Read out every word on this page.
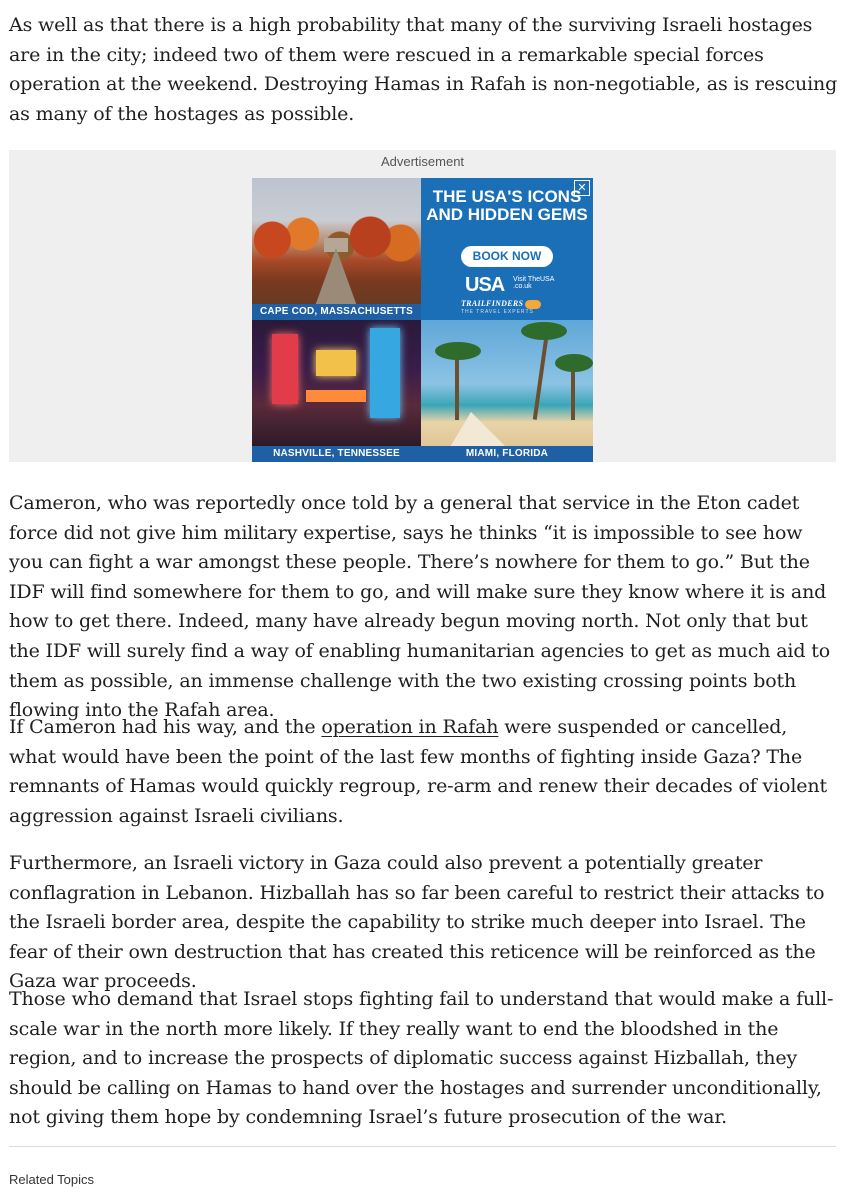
As well as that there is a high probability that many of the surviving Israeli hostages are in the city; indeed two of them were rescued in a remarkable special forces operation at the weekend. Destroying Hamas in Rafah is non-negotiable, as is rescuing as many of the hostages as possible.

Advertisement
CAPE COD, MASSACHUSETTS
✕
THE USA'S ICONS AND HIDDEN GEMS
BOOK NOW
USA Visit TheUSA .co.uk
TRAILFINDERS
THE TRAVEL EXPERTS
NASHVILLE, TENNESSEE	MIAMI, FLORIDA

Cameron, who was reportedly once told by a general that service in the Eton cadet force did not give him military expertise, says he thinks “it is impossible to see how you can fight a war amongst these people. There’s nowhere for them to go.” But the IDF will find somewhere for them to go, and will make sure they know where it is and how to get there. Indeed, many have already begun moving north. Not only that but the IDF will surely find a way of enabling humanitarian agencies to get as much aid to them as possible, an immense challenge with the two existing crossing points both flowing into the Rafah area.

If Cameron had his way, and the operation in Rafah were suspended or cancelled, what would have been the point of the last few months of fighting inside Gaza? The remnants of Hamas would quickly regroup, re-arm and renew their decades of violent aggression against Israeli civilians.

Furthermore, an Israeli victory in Gaza could also prevent a potentially greater conflagration in Lebanon. Hizballah has so far been careful to restrict their attacks to the Israeli border area, despite the capability to strike much deeper into Israel. The fear of their own destruction that has created this reticence will be reinforced as the Gaza war proceeds.

Those who demand that Israel stops fighting fail to understand that would make a full-scale war in the north more likely. If they really want to end the bloodshed in the region, and to increase the prospects of diplomatic success against Hizballah, they should be calling on Hamas to hand over the hostages and surrender unconditionally, not giving them hope by condemning Israel’s future prosecution of the war.

Related Topics
